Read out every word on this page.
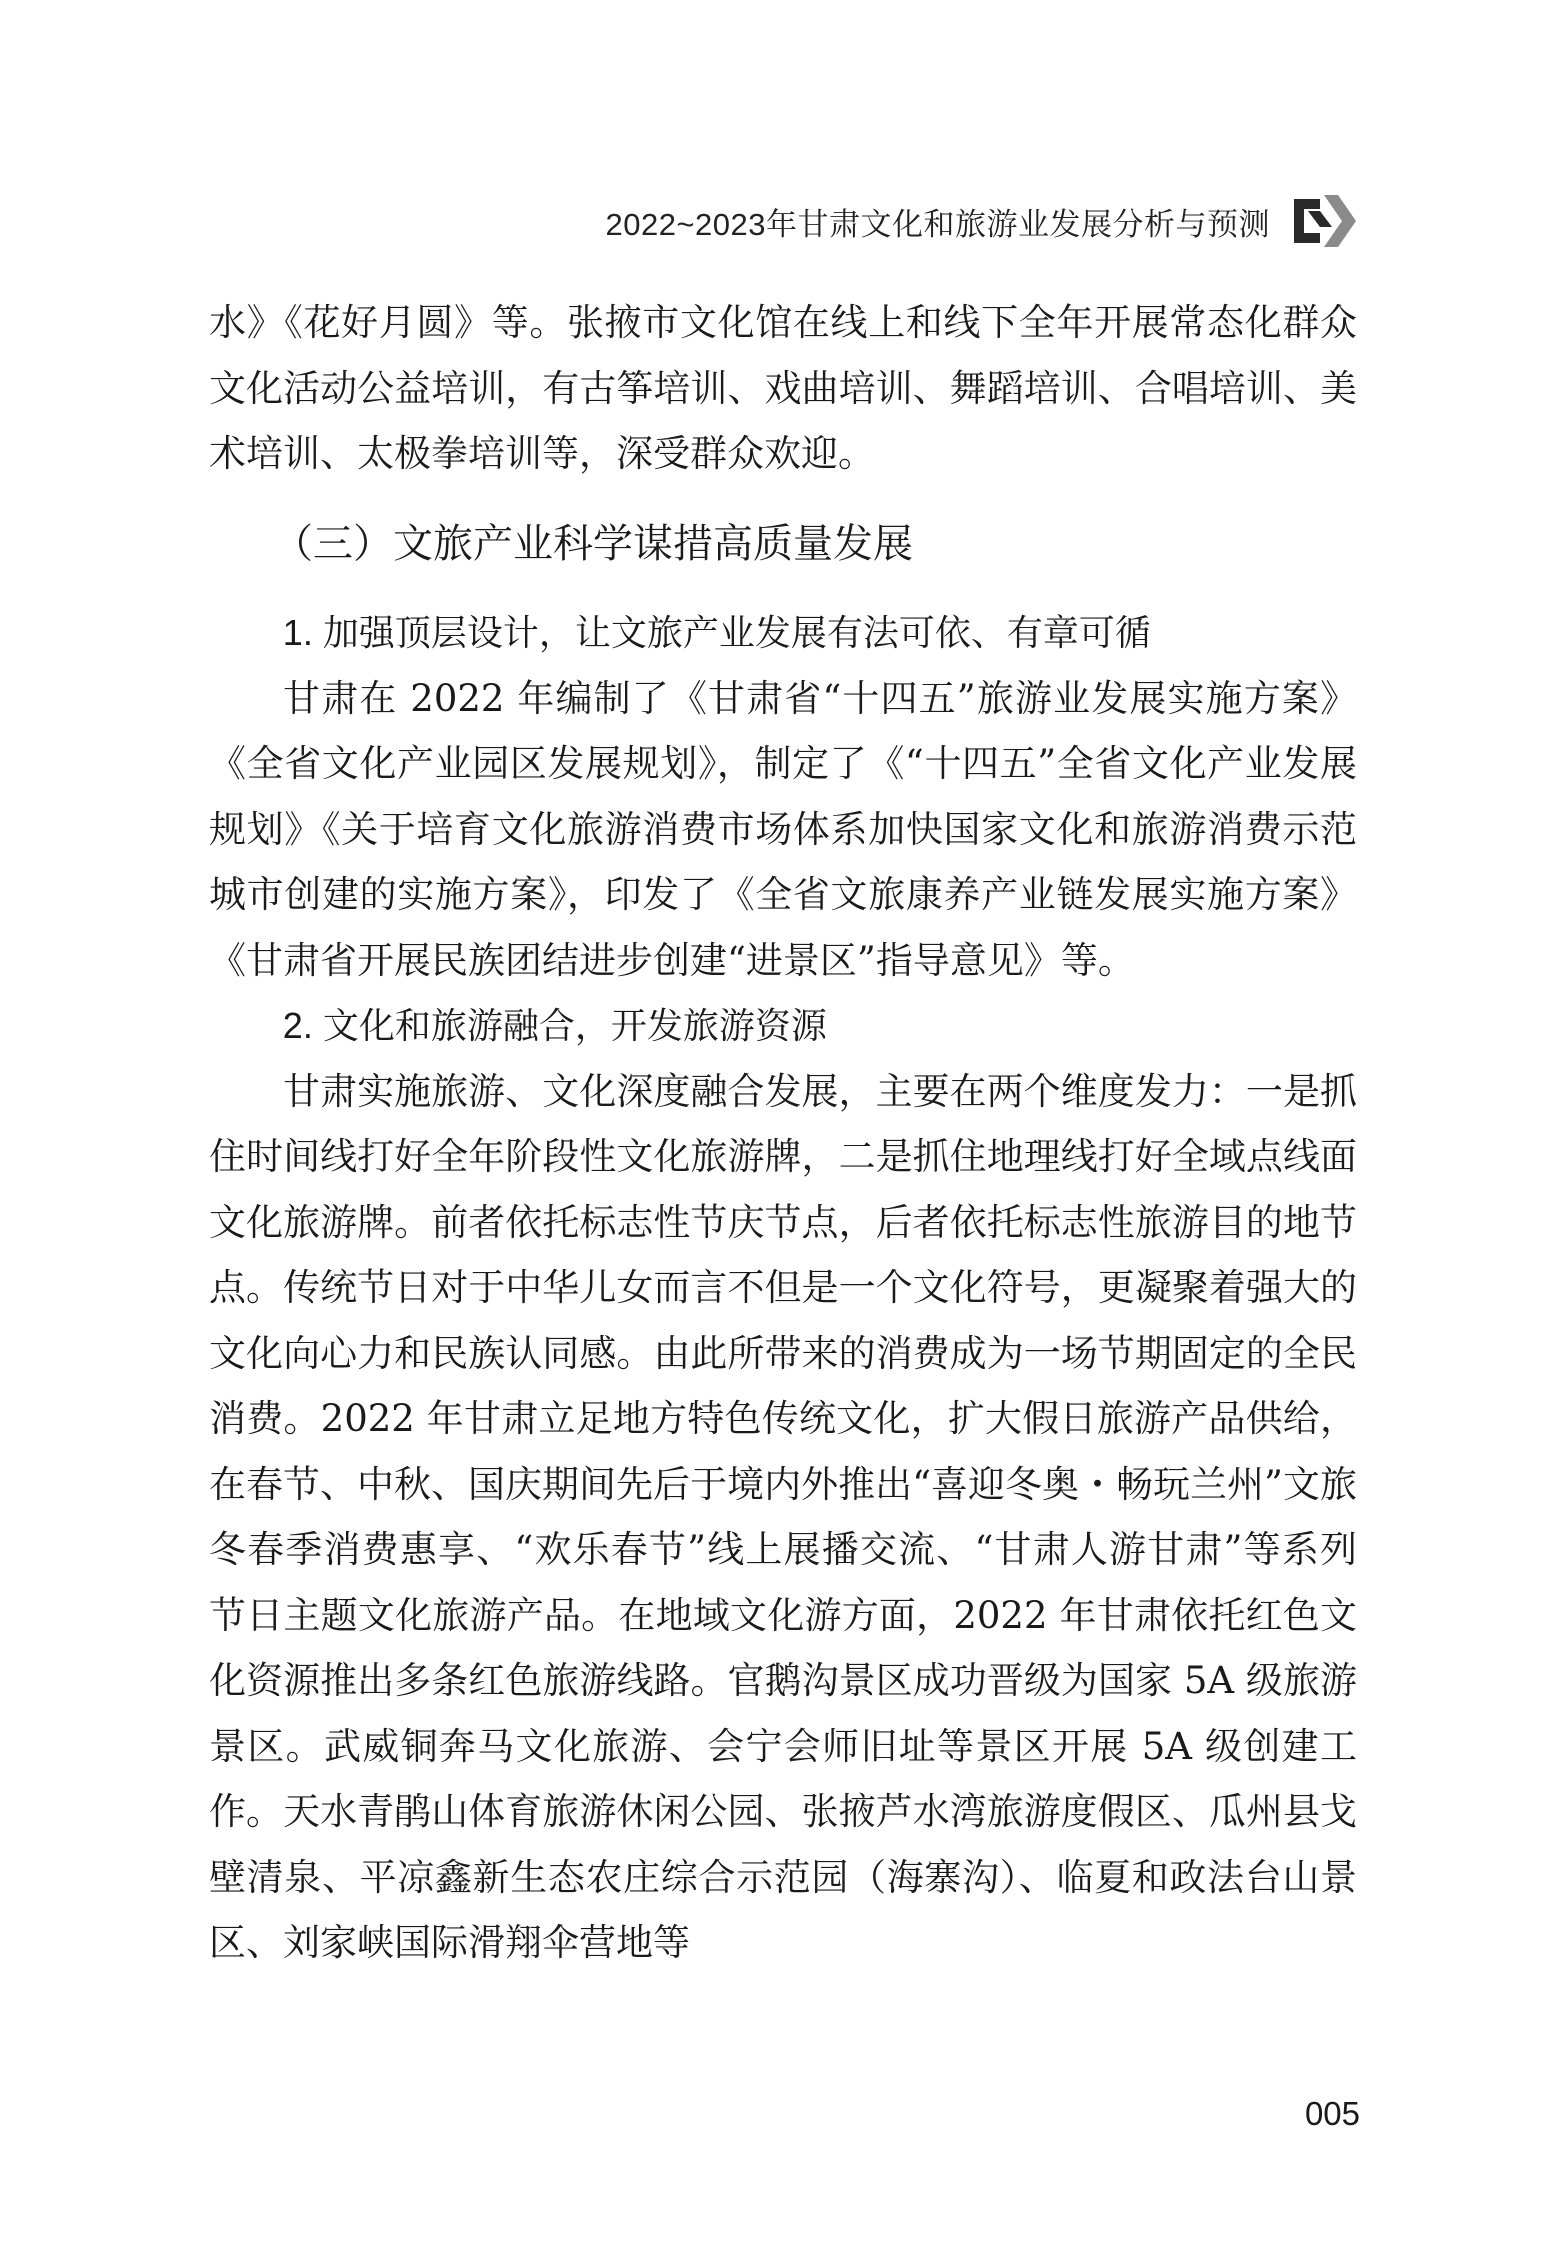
2022~2023年甘肃文化和旅游业发展分析与预测

水》《花好月圆》等。张掖市文化馆在线上和线下全年开展常态化群众文化活动公益培训，有古筝培训、戏曲培训、舞蹈培训、合唱培训、美术培训、太极拳培训等，深受群众欢迎。

（三）文旅产业科学谋措高质量发展
1. 加强顶层设计，让文旅产业发展有法可依、有章可循

甘肃在 2022 年编制了《甘肃省“十四五”旅游业发展实施方案》《全省文化产业园区发展规划》，制定了《“十四五”全省文化产业发展规划》《关于培育文化旅游消费市场体系加快国家文化和旅游消费示范城市创建的实施方案》，印发了《全省文旅康养产业链发展实施方案》《甘肃省开展民族团结进步创建“进景区”指导意见》等。

2. 文化和旅游融合，开发旅游资源

甘肃实施旅游、文化深度融合发展，主要在两个维度发力：一是抓住时间线打好全年阶段性文化旅游牌，二是抓住地理线打好全域点线面文化旅游牌。前者依托标志性节庆节点，后者依托标志性旅游目的地节点。传统节日对于中华儿女而言不但是一个文化符号，更凝聚着强大的文化向心力和民族认同感。由此所带来的消费成为一场节期固定的全民消费。2022 年甘肃立足地方特色传统文化，扩大假日旅游产品供给，在春节、中秋、国庆期间先后于境内外推出“喜迎冬奥・畅玩兰州”文旅冬春季消费惠享、“欢乐春节”线上展播交流、“甘肃人游甘肃”等系列节日主题文化旅游产品。在地域文化游方面，2022 年甘肃依托红色文化资源推出多条红色旅游线路。官鹅沟景区成功晋级为国家 5A 级旅游景区。武威铜奔马文化旅游、会宁会师旧址等景区开展 5A 级创建工作。天水青鹃山体育旅游休闲公园、张掖芦水湾旅游度假区、瓜州县戈壁清泉、平凉鑫新生态农庄综合示范园（海寨沟）、临夏和政法台山景区、刘家峡国际滑翔伞营地等

005
